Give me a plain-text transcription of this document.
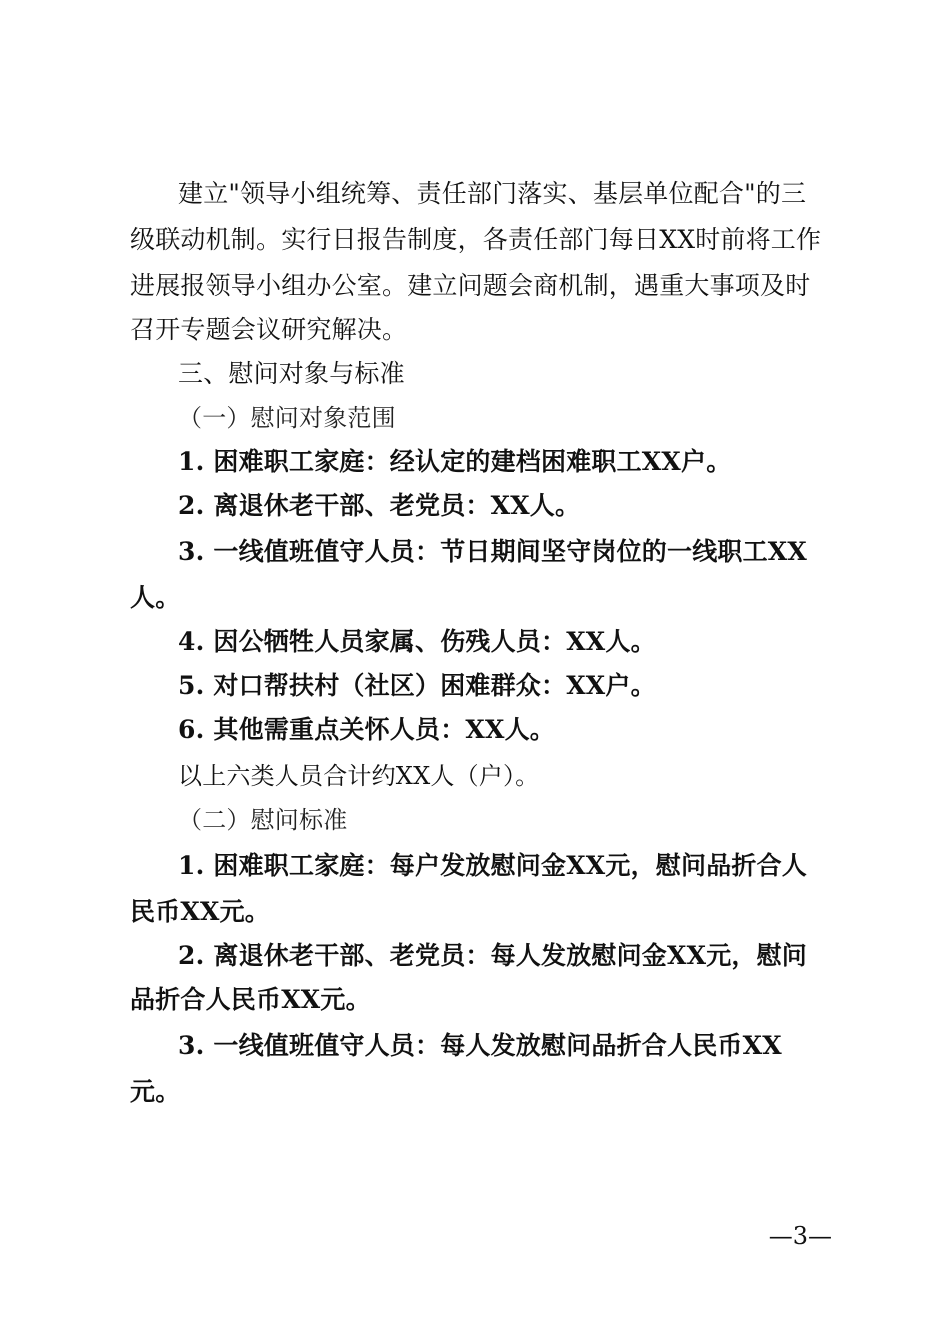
建立"领导小组统筹、责任部门落实、基层单位配合"的三
级联动机制。实行日报告制度，各责任部门每日XX时前将工作
进展报领导小组办公室。建立问题会商机制，遇重大事项及时
召开专题会议研究解决。
三、慰问对象与标准
（一）慰问对象范围
1. 困难职工家庭：经认定的建档困难职工XX户。
2. 离退休老干部、老党员：XX人。
3. 一线值班值守人员：节日期间坚守岗位的一线职工XX
人。
4. 因公牺牲人员家属、伤残人员：XX人。
5. 对口帮扶村（社区）困难群众：XX户。
6. 其他需重点关怀人员：XX人。
以上六类人员合计约XX人（户）。
（二）慰问标准
1. 困难职工家庭：每户发放慰问金XX元，慰问品折合人
民币XX元。
2. 离退休老干部、老党员：每人发放慰问金XX元，慰问
品折合人民币XX元。
3. 一线值班值守人员：每人发放慰问品折合人民币XX
元。
—3—
